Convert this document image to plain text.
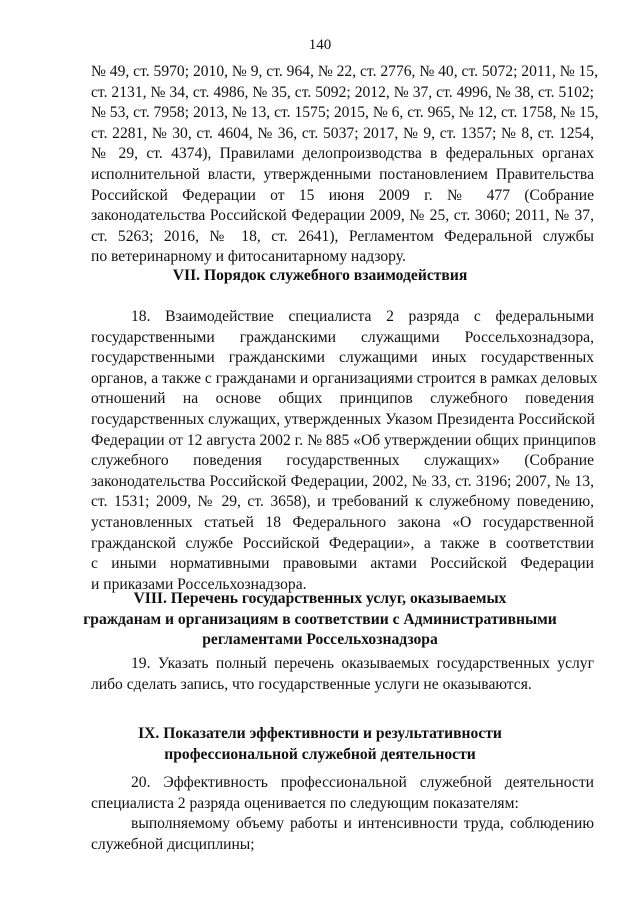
140
№ 49, ст. 5970; 2010, № 9, ст. 964, № 22, ст. 2776, № 40, ст. 5072; 2011, № 15,
ст. 2131, № 34, ст. 4986, № 35, ст. 5092; 2012, № 37, ст. 4996, № 38, ст. 5102;
№ 53, ст. 7958; 2013, № 13, ст. 1575; 2015, № 6, ст. 965, № 12, ст. 1758, № 15,
ст. 2281, № 30, ст. 4604, № 36, ст. 5037; 2017, № 9, ст. 1357; № 8, ст. 1254,
№ 29, ст. 4374), Правилами делопроизводства в федеральных органах
исполнительной власти, утвержденными постановлением Правительства
Российской Федерации от 15 июня 2009 г. № 477 (Собрание
законодательства Российской Федерации 2009, № 25, ст. 3060; 2011, № 37,
ст. 5263; 2016, № 18, ст. 2641), Регламентом Федеральной службы
по ветеринарному и фитосанитарному надзору.
VII. Порядок служебного взаимодействия
18. Взаимодействие специалиста 2 разряда с федеральными
государственными гражданскими служащими Россельхознадзора,
государственными гражданскими служащими иных государственных
органов, а также с гражданами и организациями строится в рамках деловых
отношений на основе общих принципов служебного поведения
государственных служащих, утвержденных Указом Президента Российской
Федерации от 12 августа 2002 г. № 885 «Об утверждении общих принципов
служебного поведения государственных служащих» (Собрание
законодательства Российской Федерации, 2002, № 33, ст. 3196; 2007, № 13,
ст. 1531; 2009, № 29, ст. 3658), и требований к служебному поведению,
установленных статьей 18 Федерального закона «О государственной
гражданской службе Российской Федерации», а также в соответствии
с иными нормативными правовыми актами Российской Федерации
и приказами Россельхознадзора.
VIII. Перечень государственных услуг, оказываемых
гражданам и организациям в соответствии с Административными
регламентами Россельхознадзора
19. Указать полный перечень оказываемых государственных услуг
либо сделать запись, что государственные услуги не оказываются.
IX. Показатели эффективности и результативности
профессиональной служебной деятельности
20. Эффективность профессиональной служебной деятельности
специалиста 2 разряда оценивается по следующим показателям:
выполняемому объему работы и интенсивности труда, соблюдению
служебной дисциплины;
